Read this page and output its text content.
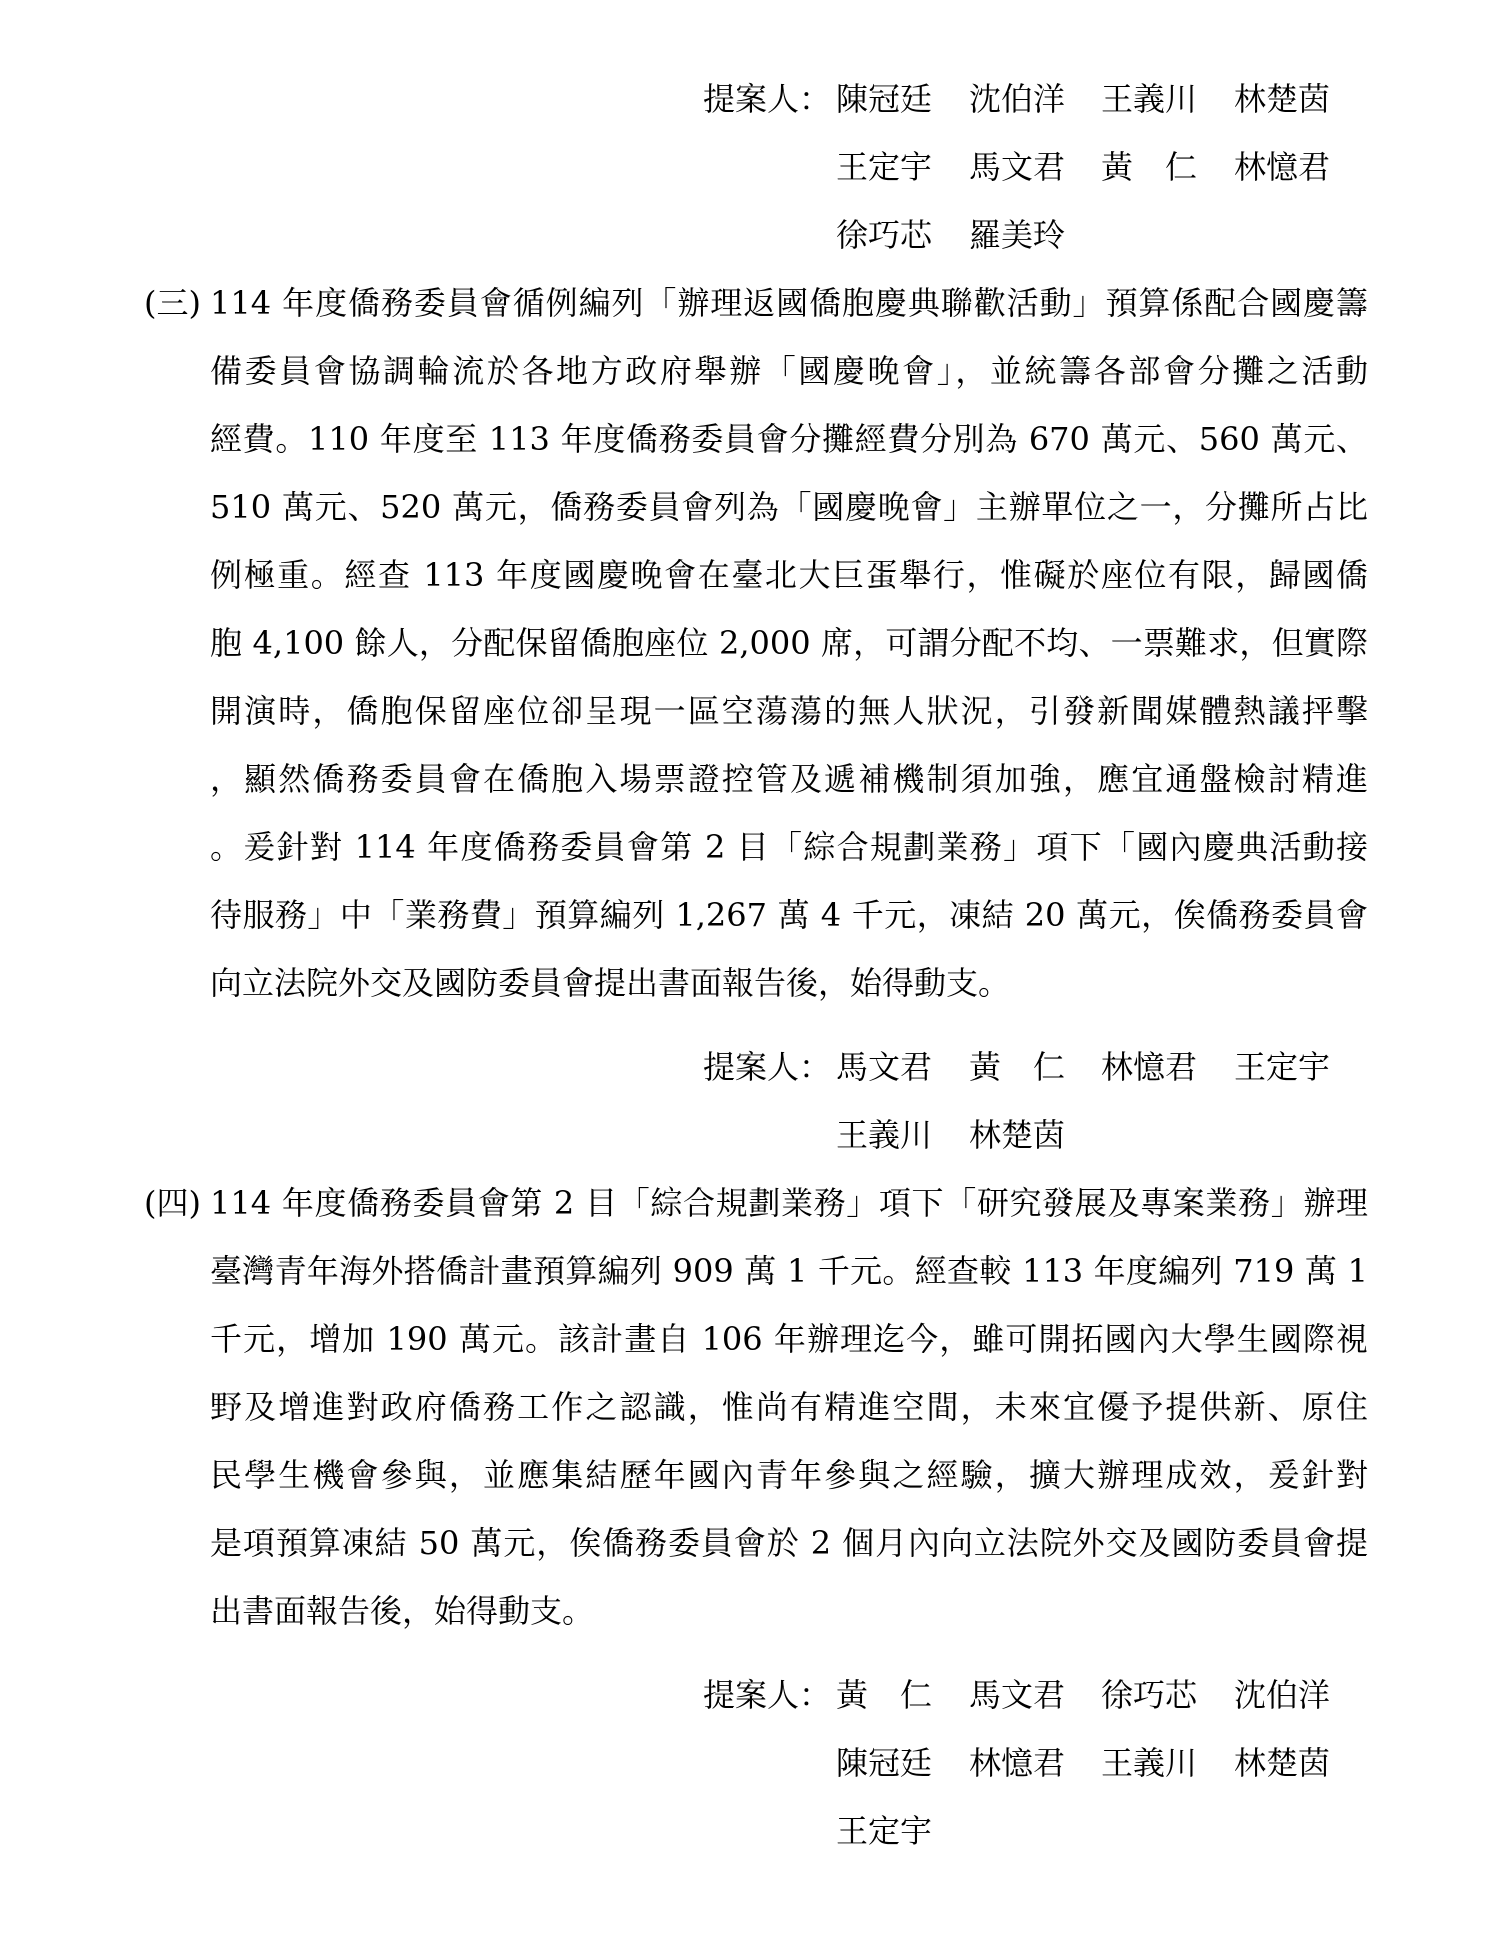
提案人： 陳冠廷 沈伯洋 王義川 林楚茵
王定宇 馬文君 黃　仁 林憶君
徐巧芯 羅美玲
(三) 114 年度僑務委員會循例編列「辦理返國僑胞慶典聯歡活動」預算係配合國慶籌
備委員會協調輪流於各地方政府舉辦「國慶晚會」，並統籌各部會分攤之活動
經費。110 年度至 113 年度僑務委員會分攤經費分別為 670 萬元、560 萬元、
510 萬元、520 萬元，僑務委員會列為「國慶晚會」主辦單位之一，分攤所占比
例極重。經查 113 年度國慶晚會在臺北大巨蛋舉行，惟礙於座位有限，歸國僑
胞 4,100 餘人，分配保留僑胞座位 2,000 席，可謂分配不均、一票難求，但實際
開演時，僑胞保留座位卻呈現一區空蕩蕩的無人狀況，引發新聞媒體熱議抨擊
，顯然僑務委員會在僑胞入場票證控管及遞補機制須加強，應宜通盤檢討精進
。爰針對 114 年度僑務委員會第 2 目「綜合規劃業務」項下「國內慶典活動接
待服務」中「業務費」預算編列 1,267 萬 4 千元，凍結 20 萬元，俟僑務委員會
向立法院外交及國防委員會提出書面報告後，始得動支。
提案人： 馬文君 黃　仁 林憶君 王定宇
王義川 林楚茵
(四) 114 年度僑務委員會第 2 目「綜合規劃業務」項下「研究發展及專案業務」辦理
臺灣青年海外搭僑計畫預算編列 909 萬 1 千元。經查較 113 年度編列 719 萬 1
千元，增加 190 萬元。該計畫自 106 年辦理迄今，雖可開拓國內大學生國際視
野及增進對政府僑務工作之認識，惟尚有精進空間，未來宜優予提供新、原住
民學生機會參與，並應集結歷年國內青年參與之經驗，擴大辦理成效，爰針對
是項預算凍結 50 萬元，俟僑務委員會於 2 個月內向立法院外交及國防委員會提
出書面報告後，始得動支。
提案人： 黃　仁 馬文君 徐巧芯 沈伯洋
陳冠廷 林憶君 王義川 林楚茵
王定宇
